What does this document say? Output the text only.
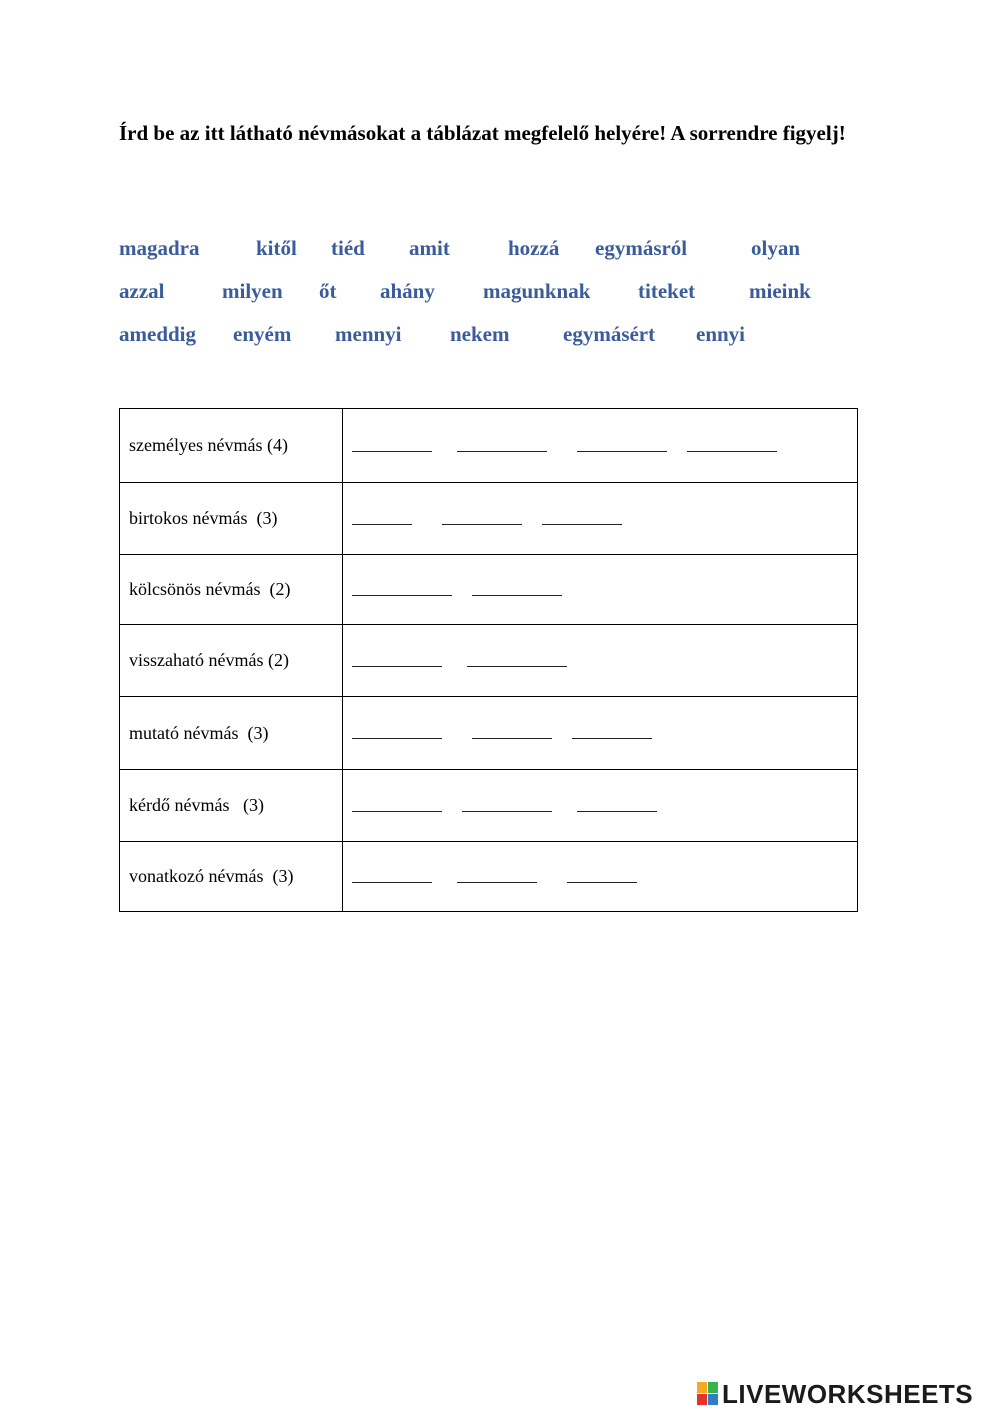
Írd be az itt látható névmásokat a táblázat megfelelő helyére! A sorrendre figyelj!
magadra	kitől tiéd amit	hozzá egymásról	olyan
azzal	milyen őt ahány magunknak titeket	mieink
ameddig enyém mennyi nekem	egymásért ennyi
személyes névmás (4)	
birtokos névmás  (3)	
kölcsönös névmás  (2)	
visszaható névmás (2)	
mutató névmás  (3)	
kérdő névmás   (3)	
vonatkozó névmás  (3)	
LIVEWORKSHEETS
